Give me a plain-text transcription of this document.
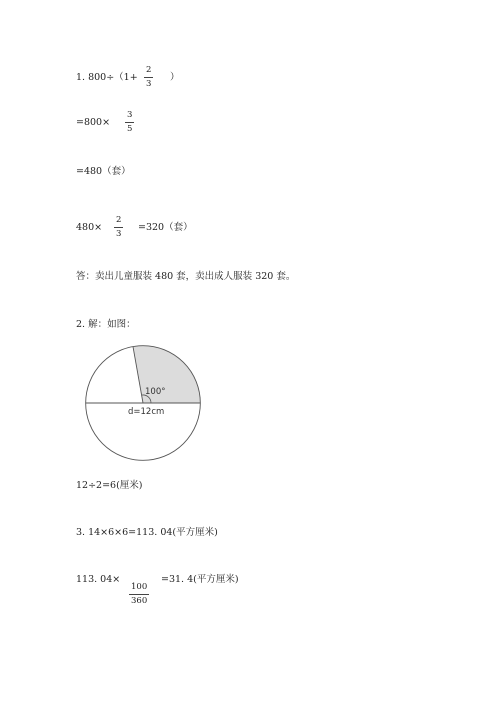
1. 800÷（1+
2
3
）
=800×
3
5
=480（套）
480×
2
3
=320（套）
答：卖出儿童服装 480 套，卖出成人服装 320 套。
2. 解：如图：
100°
d=12cm
12÷2=6(厘米)
3. 14×6×6=113. 04(平方厘米)
113. 04×
100
360
=31. 4(平方厘米)
